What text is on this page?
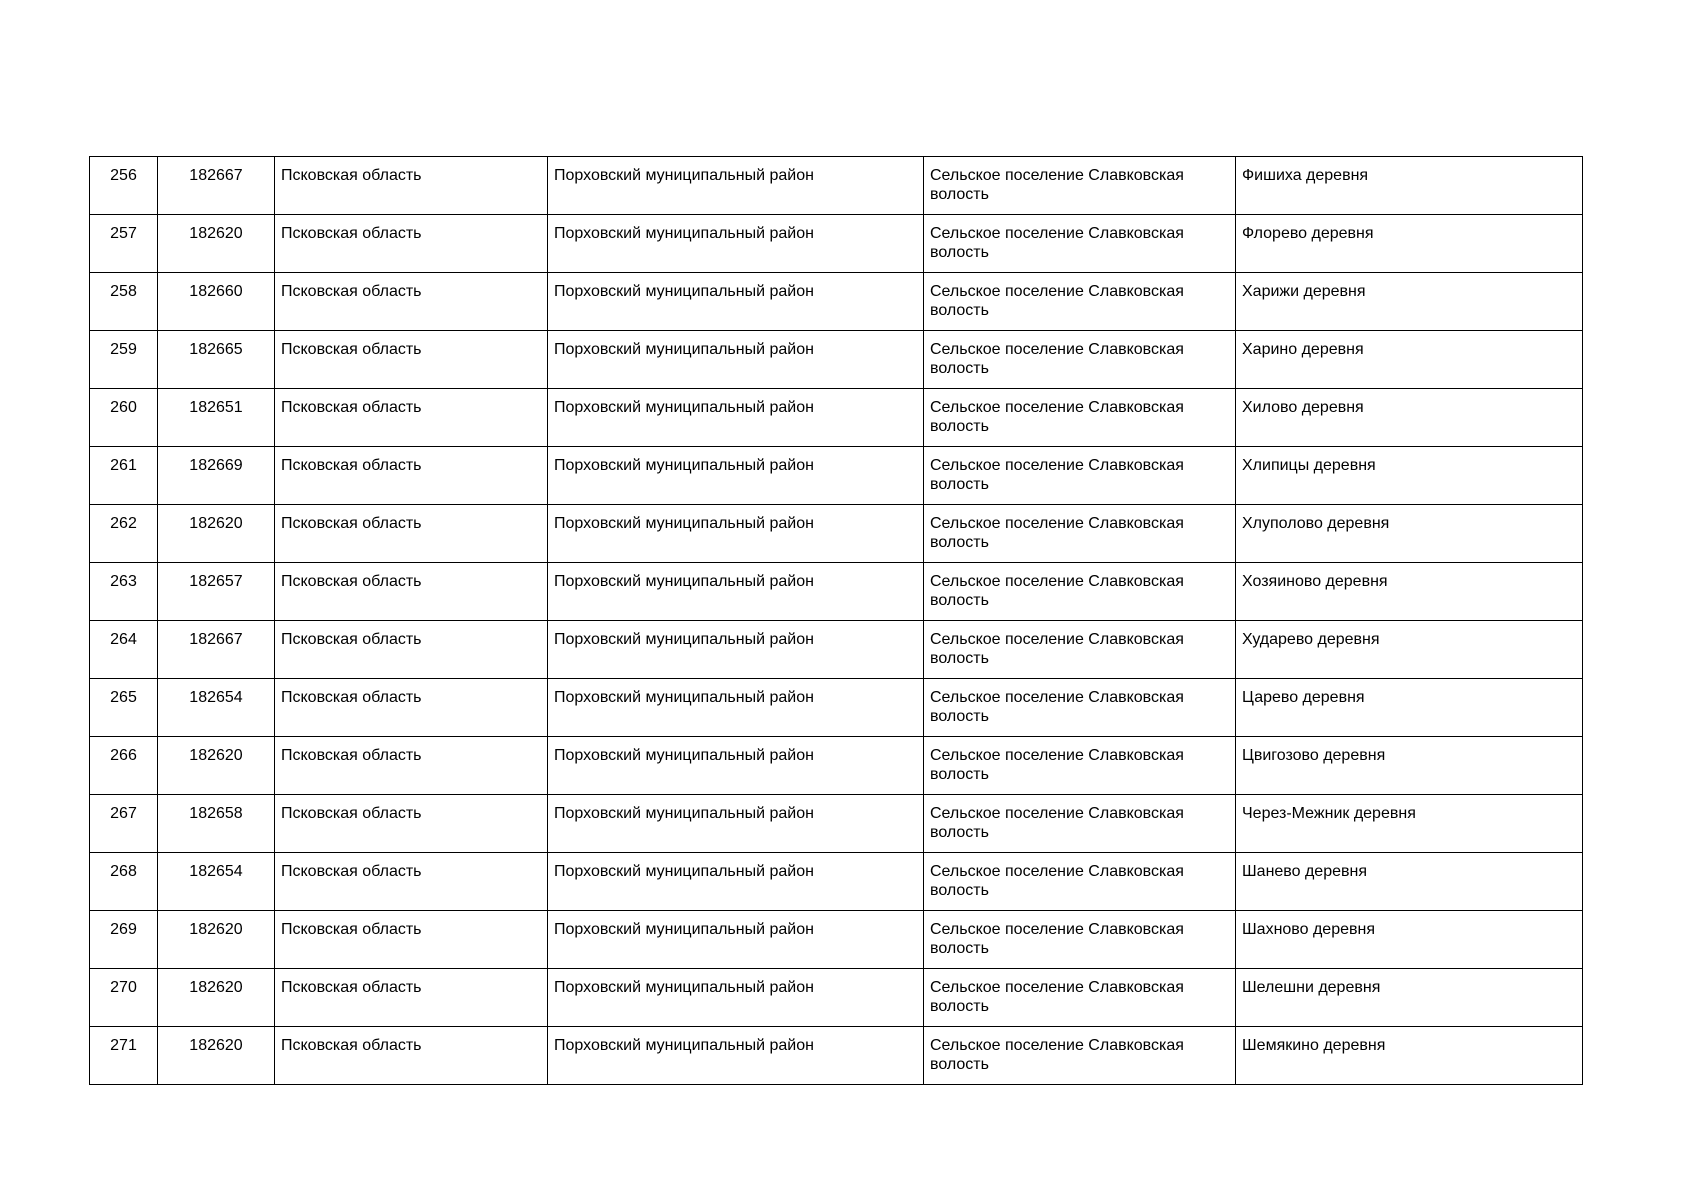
256	182667	Псковская область	Порховский муниципальный район	Сельское поселение Славковская волость	Фишиха деревня
257	182620	Псковская область	Порховский муниципальный район	Сельское поселение Славковская волость	Флорево деревня
258	182660	Псковская область	Порховский муниципальный район	Сельское поселение Славковская волость	Харижи деревня
259	182665	Псковская область	Порховский муниципальный район	Сельское поселение Славковская волость	Харино деревня
260	182651	Псковская область	Порховский муниципальный район	Сельское поселение Славковская волость	Хилово деревня
261	182669	Псковская область	Порховский муниципальный район	Сельское поселение Славковская волость	Хлипицы деревня
262	182620	Псковская область	Порховский муниципальный район	Сельское поселение Славковская волость	Хлуполово деревня
263	182657	Псковская область	Порховский муниципальный район	Сельское поселение Славковская волость	Хозяиново деревня
264	182667	Псковская область	Порховский муниципальный район	Сельское поселение Славковская волость	Хударево деревня
265	182654	Псковская область	Порховский муниципальный район	Сельское поселение Славковская волость	Царево деревня
266	182620	Псковская область	Порховский муниципальный район	Сельское поселение Славковская волость	Цвигозово деревня
267	182658	Псковская область	Порховский муниципальный район	Сельское поселение Славковская волость	Через-Межник деревня
268	182654	Псковская область	Порховский муниципальный район	Сельское поселение Славковская волость	Шанево деревня
269	182620	Псковская область	Порховский муниципальный район	Сельское поселение Славковская волость	Шахново деревня
270	182620	Псковская область	Порховский муниципальный район	Сельское поселение Славковская волость	Шелешни деревня
271	182620	Псковская область	Порховский муниципальный район	Сельское поселение Славковская волость	Шемякино деревня
